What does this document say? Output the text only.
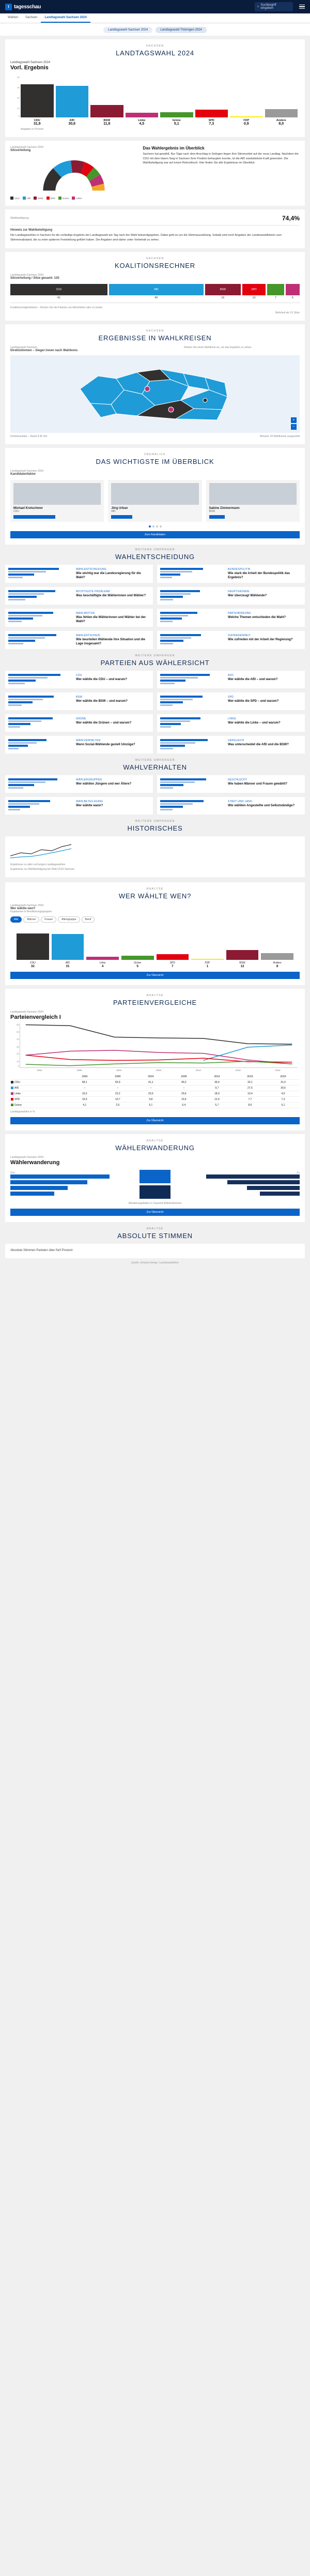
t tagesschau	⌕ Suchbegriff eingeben
Wahlen	Sachsen	Landtagswahl Sachsen 2024
Landtagswahl Sachsen 2024	Landtagswahl Thüringen 2024
SACHSEN
LANDTAGSWAHL 2024
Landtagswahl Sachsen 2024
Vorl. Ergebnis
40
30
20
10
0
CDU
31,9
AfD
30,6
BSW
11,8
Linke
4,5
Grüne
5,1
SPD
7,3
FDP
0,9
Andere
8,0
Angaben in Prozent
Landtagswahl Sachsen 2024
Sitzverteilung
CDU	AfD	BSW	SPD	Grüne	Linke
Das Wahlergebnis im Überblick
Sachsen hat gewählt. Nur Tage nach dem Anschlag in Solingen liegen Ihre Stimmzettel auf der neue Landtag. Nachdem die CDU mit dem klaren Sieg in Sachsen ihrer Position behaupten konnte, ist die AfD zweitstärkste Kraft geworden. Die Wahlbeteiligung war auf einem Rekordhoch. Hier finden Sie alle Ergebnisse im Überblick.
Wahlbeteiligung	74,4%
Hinweis zur Wahlbeteiligung
Die Landtagswahlen in Sachsen für die vorläufige Ergebnis der Landtagswahl am Tag nach der Wahl bekanntgegeben. Dabei geht es um die Stimmauszählung. Sobald sind noch Angaben der Landeswahlleiterin zum Stimmenabstand, die zu einer späteren Feststellung geführt haben. Die Angaben sind daher unter Vorbehalt zu sehen.
SACHSEN
KOALITIONSRECHNER
Landtagswahl Sachsen 2024
Sitzverteilung / Sitze gesamt: 120
CDU	AfD	BSW	SPD
41	40	15	10	7	6
Koalitionsmöglichkeiten – Klicken Sie die Parteien um Mehrheiten oder zu testen
Mehrheit ab: 61 Sitze
SACHSEN
ERGEBNISSE IN WAHLKREISEN
Landtagswahl Sachsen
Direktstimmen – Sieger:innen nach Wahlkreis
Klicken Sie einen Wahlkreis an, um das Ergebnis zu sehen
+
−
Direktmandate – Stand 9:40 Uhr	Hinweis: 60 Wahlkreise ausgezählt
ÜBERBLICK
DAS WICHTIGSTE IM ÜBERBLICK
Landtagswahl Sachsen 2024
Kandidatenfaktor
Michael Kretschmer
CDU
Jörg Urban
AfD
Sabine Zimmermann
BSW
Zum Kandidaten
WEITERE UMFRAGEN
WAHLENTSCHEIDUNG
WAHLENTSCHEIDUNG
Wie wichtig war die Landesregierung für die Wahl?
BUNDESPOLITIK
Wie stark die Arbeit der Bundespolitik das Ergebnis?
WICHTIGSTE PROBLEME
Was beschäftigte die Wählerinnen und Wähler?
HAUPTGRÜNDE
Wer überzeugt Wählende?
WAHLMOTIVE
Was fehlen die Wählerinnen und Wähler bei der Wahl?
PARTEIBINDUNG
Welche Themen entschieden die Wahl?
WAHLENTSCHEID
Wie beurteilen Wählende ihre Situation und die Lage insgesamt?
ZUFRIEDENHEIT
Wie zufrieden mit der Arbeit der Regierung?
WEITERE UMFRAGEN
PARTEIEN AUS WÄHLERSICHT
CDU
Wer wählte die CDU – und warum?
AFD
Wer wählte die AfD – und warum?
BSW
Wer wählte die BSW – und warum?
SPD
Wer wählte die SPD – und warum?
GRÜNE
Wer wählte die Grünen – und warum?
LINKE
Wer wählte die Linke – und warum?
WAHLVERHALTEN
Wenn Sozial-Wählende gezielt Umzüge?
VERGLEICH
Was unterscheidet die AfD und die BSW?
WEITERE UMFRAGEN
WAHLVERHALTEN
WÄHLERGRUPPEN
Wer wählten Jüngere und wer Ältere?
GESCHLECHT
Wie haben Männer und Frauen gewählt?
WAHLBETEILIGUNG
Wer wählte wann?
STADT UND LAND
Wie wählten Angestellte und Selbstständige?
WEITERE UMFRAGEN
HISTORISCHES
Ergebnisse zu allen vorherigen Landtagswahlen
Ergebnisse zur Wahlbeteiligung bei Wahl 2019 Sachsen
ANALYSE
WER WÄHLTE WEN?
Landtagswahl Sachsen 2024
Wer wählte wen?
Ergebnisse in Bevölkerungsgruppen
Alle	Männer	Frauen	Altersgruppe	Beruf
CDU
32
AfD
31
Linke
4
Grüne
5
SPD
7
FDP
1
BSW
12
Andere
8
Zur Übersicht
ANALYSE
PARTEIENVERGLEICHE
Landtagswahl Sachsen 2024
Parteienvergleich I
60
50
40
30
20
10
0
1994	1999	2004	2009	2014	2019	2024
	1994	1999	2004	2009	2014	2019	2024
CDU	58,1	56,9	41,1	40,2	39,4	32,1	31,9
AfD	–	–	–	–	9,7	27,5	30,6
Linke	16,5	22,2	23,6	20,6	18,9	10,4	4,5
SPD	16,6	10,7	9,8	10,4	12,4	7,7	7,3
Grüne	4,1	2,6	5,1	6,4	5,7	8,6	5,1
Landtagswahlen in %
Zur Übersicht
ANALYSE
WÄHLERWANDERUNG
Landtagswahl Sachsen 2024
Wählerwanderung
Von	Zu
Wanderungsbilanz in Tausend Wählerstimmen
Zur Übersicht
ANALYSE
ABSOLUTE STIMMEN
Absolute Stimmen Parteien über fünf Prozent
Quelle: Infratest dimap / Landeswahlleiter
